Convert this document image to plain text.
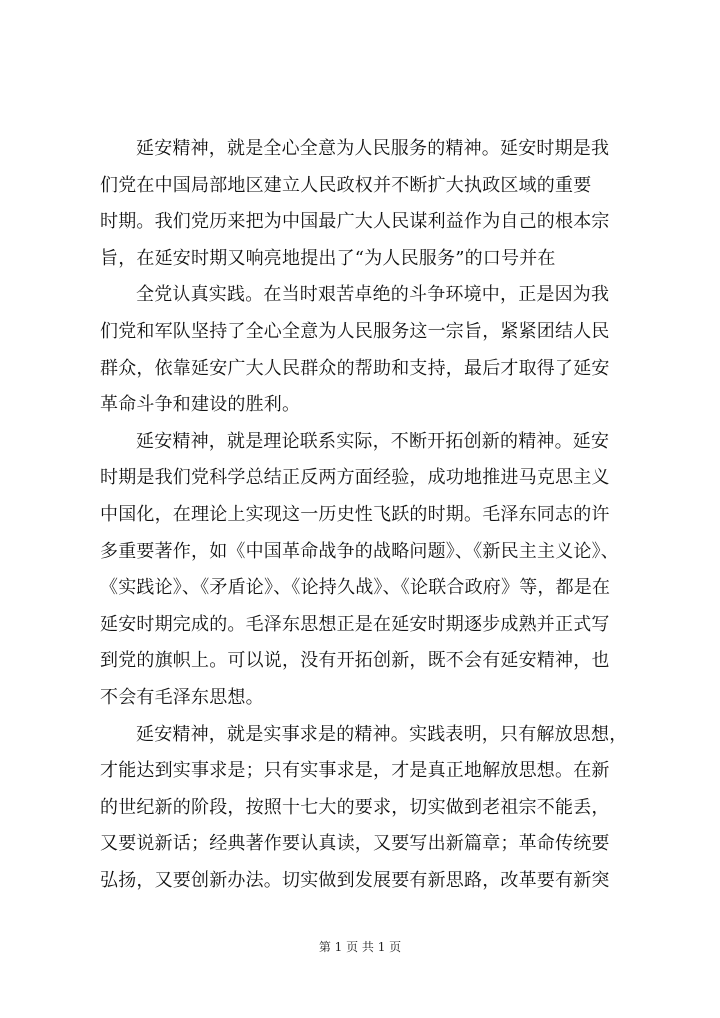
延安精神，就是全心全意为人民服务的精神。延安时期是我
们党在中国局部地区建立人民政权并不断扩大执政区域的重要
时期。我们党历来把为中国最广大人民谋利益作为自己的根本宗
旨，在延安时期又响亮地提出了“为人民服务”的口号并在
全党认真实践。在当时艰苦卓绝的斗争环境中，正是因为我
们党和军队坚持了全心全意为人民服务这一宗旨，紧紧团结人民
群众，依靠延安广大人民群众的帮助和支持，最后才取得了延安
革命斗争和建设的胜利。
延安精神，就是理论联系实际，不断开拓创新的精神。延安
时期是我们党科学总结正反两方面经验，成功地推进马克思主义
中国化，在理论上实现这一历史性飞跃的时期。毛泽东同志的许
多重要著作，如《中国革命战争的战略问题》、《新民主主义论》、
《实践论》、《矛盾论》、《论持久战》、《论联合政府》等，都是在
延安时期完成的。毛泽东思想正是在延安时期逐步成熟并正式写
到党的旗帜上。可以说，没有开拓创新，既不会有延安精神，也
不会有毛泽东思想。
延安精神，就是实事求是的精神。实践表明，只有解放思想，
才能达到实事求是；只有实事求是，才是真正地解放思想。在新
的世纪新的阶段，按照十七大的要求，切实做到老祖宗不能丢，
又要说新话；经典著作要认真读，又要写出新篇章；革命传统要
弘扬，又要创新办法。切实做到发展要有新思路，改革要有新突
第 1 页 共 1 页
